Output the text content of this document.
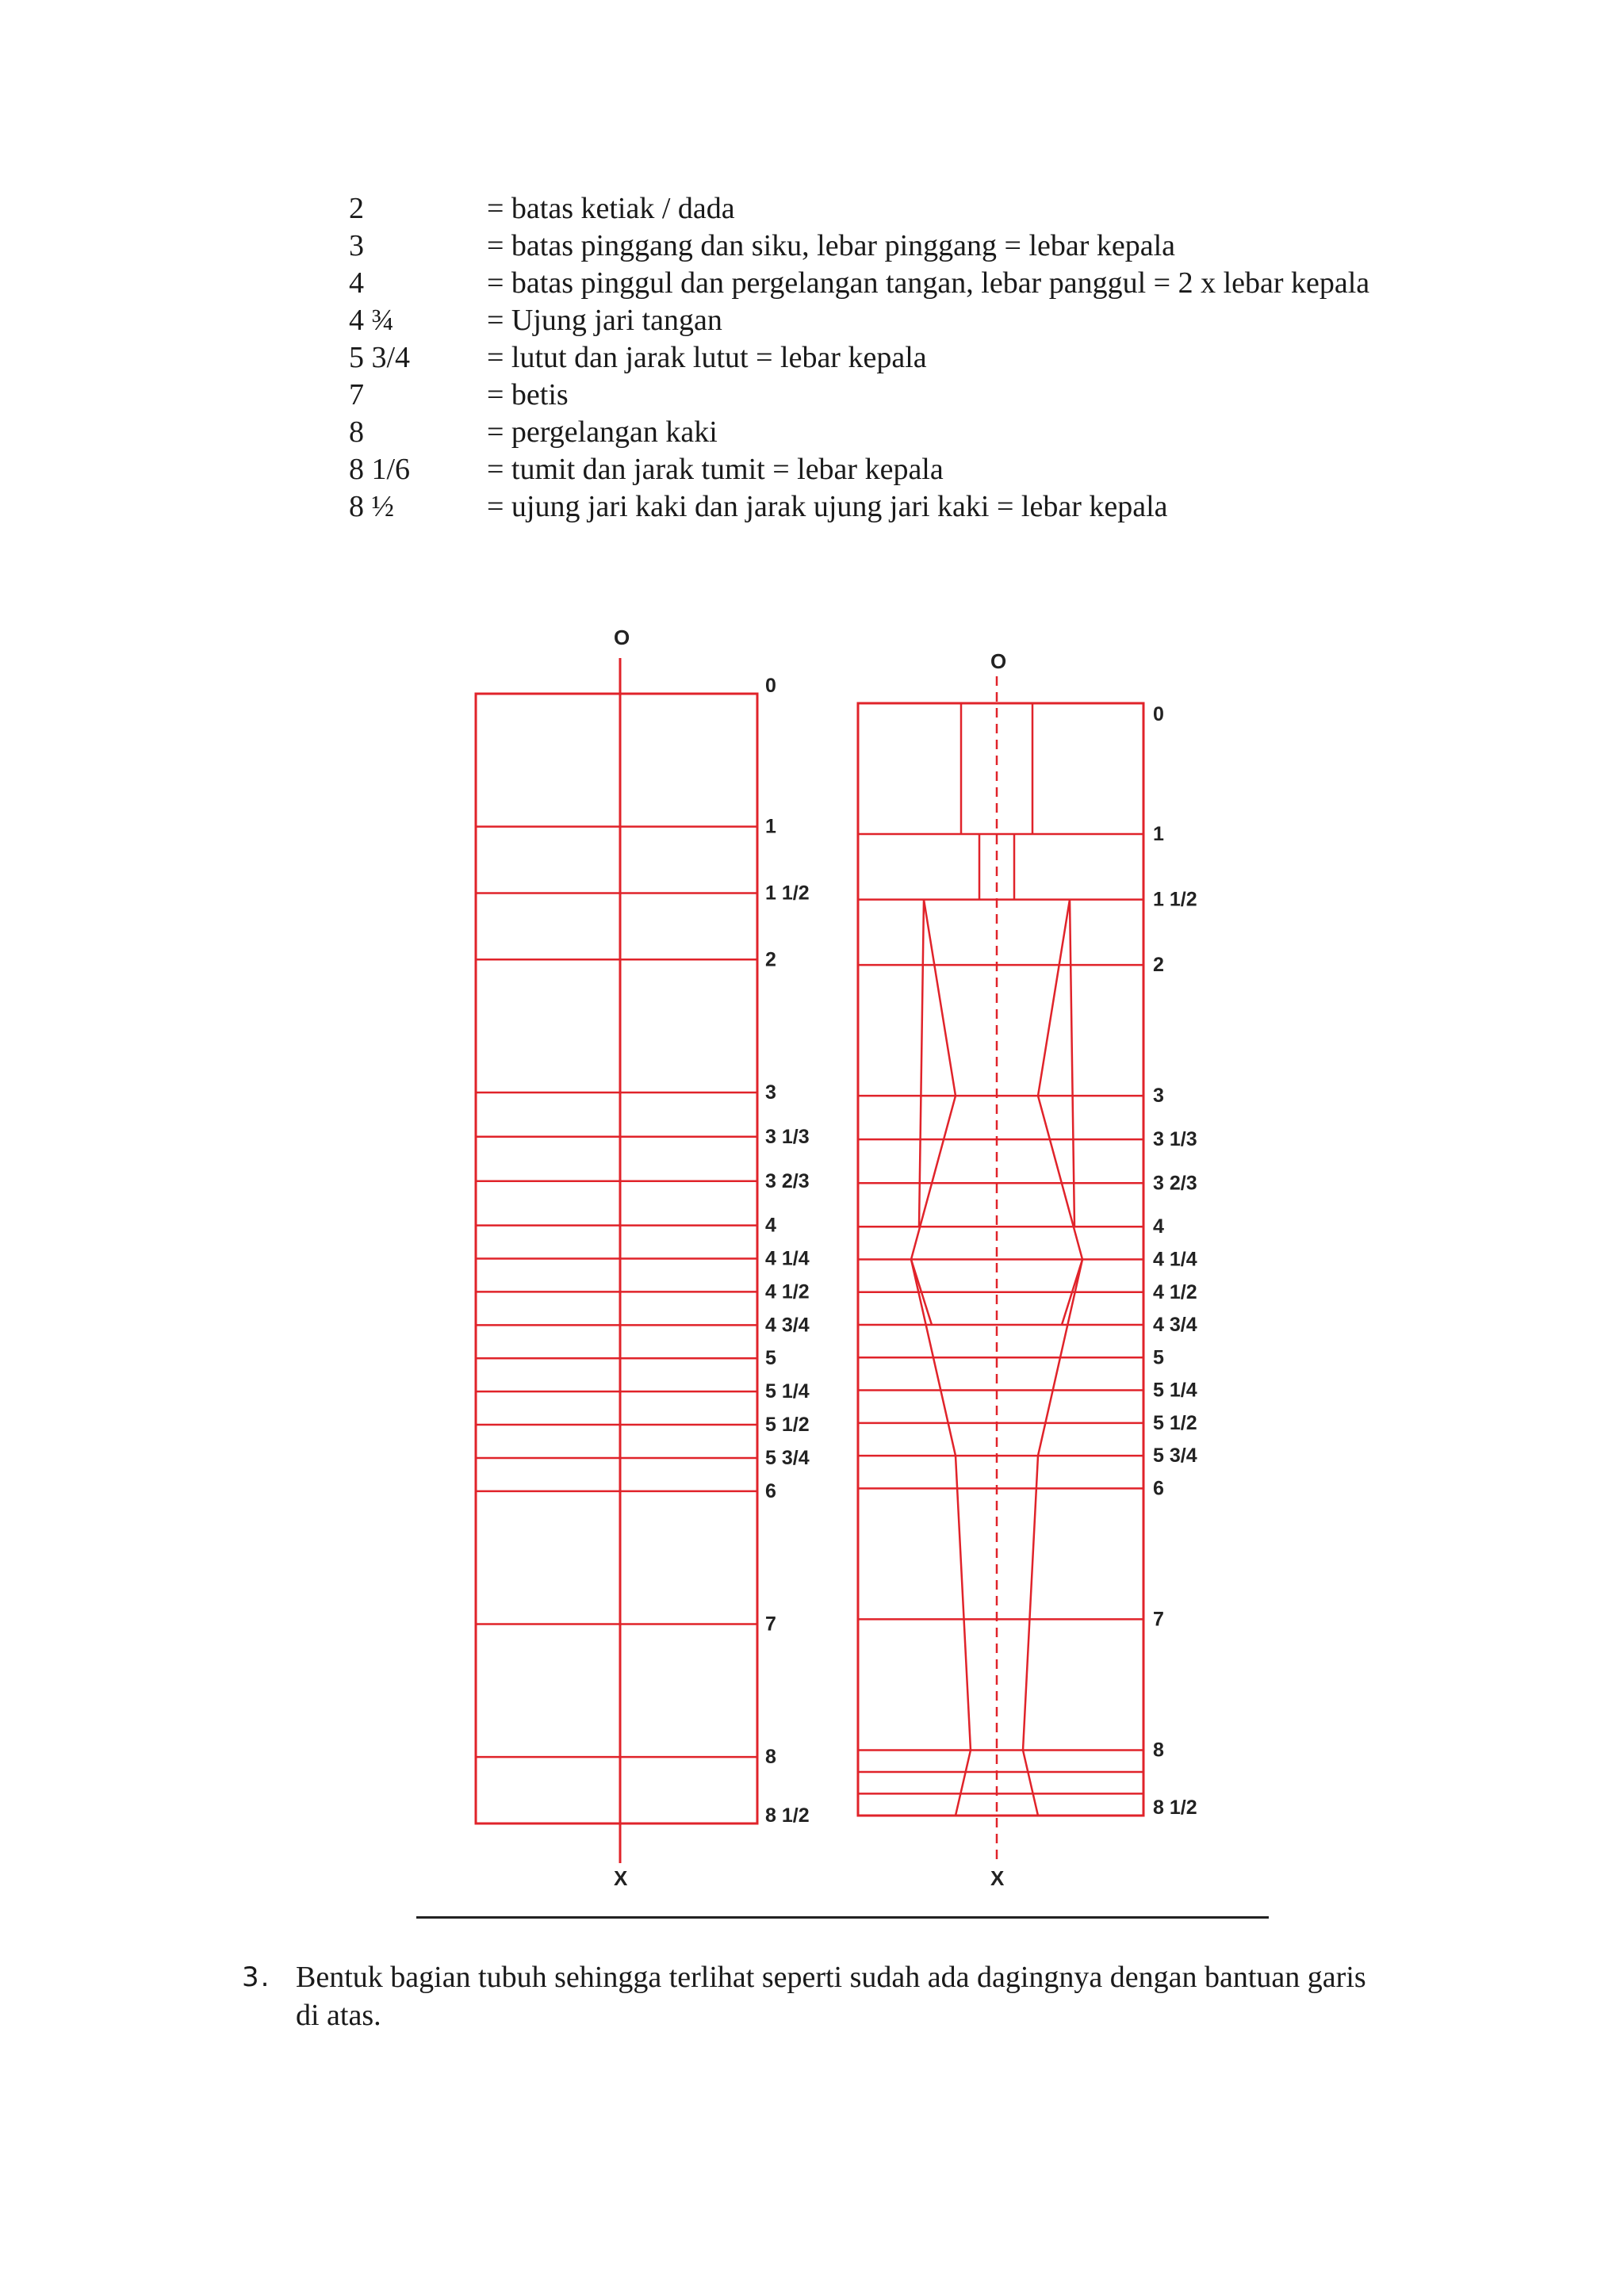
2	= batas ketiak / dada
3	= batas pinggang dan siku, lebar pinggang = lebar kepala
4	= batas pinggul dan pergelangan tangan, lebar panggul = 2 x lebar kepala
4 ¾	= Ujung jari tangan
5 3/4	= lutut dan jarak lutut = lebar kepala
7	= betis
8	= pergelangan kaki
8 1/6	= tumit dan jarak tumit = lebar kepala
8 ½	= ujung jari kaki dan jarak ujung jari kaki = lebar kepala
O
X
0
1
1 1/2
2
3
3 1/3
3 2/3
4
4 1/4
4 1/2
4 3/4
5
5 1/4
5 1/2
5 3/4
6
7
8
8 1/2
O
X
0
1
1 1/2
2
3
3 1/3
3 2/3
4
4 1/4
4 1/2
4 3/4
5
5 1/4
5 1/2
5 3/4
6
7
8
8 1/2
3. Bentuk bagian tubuh sehingga terlihat seperti sudah ada dagingnya dengan bantuan garis di atas.
